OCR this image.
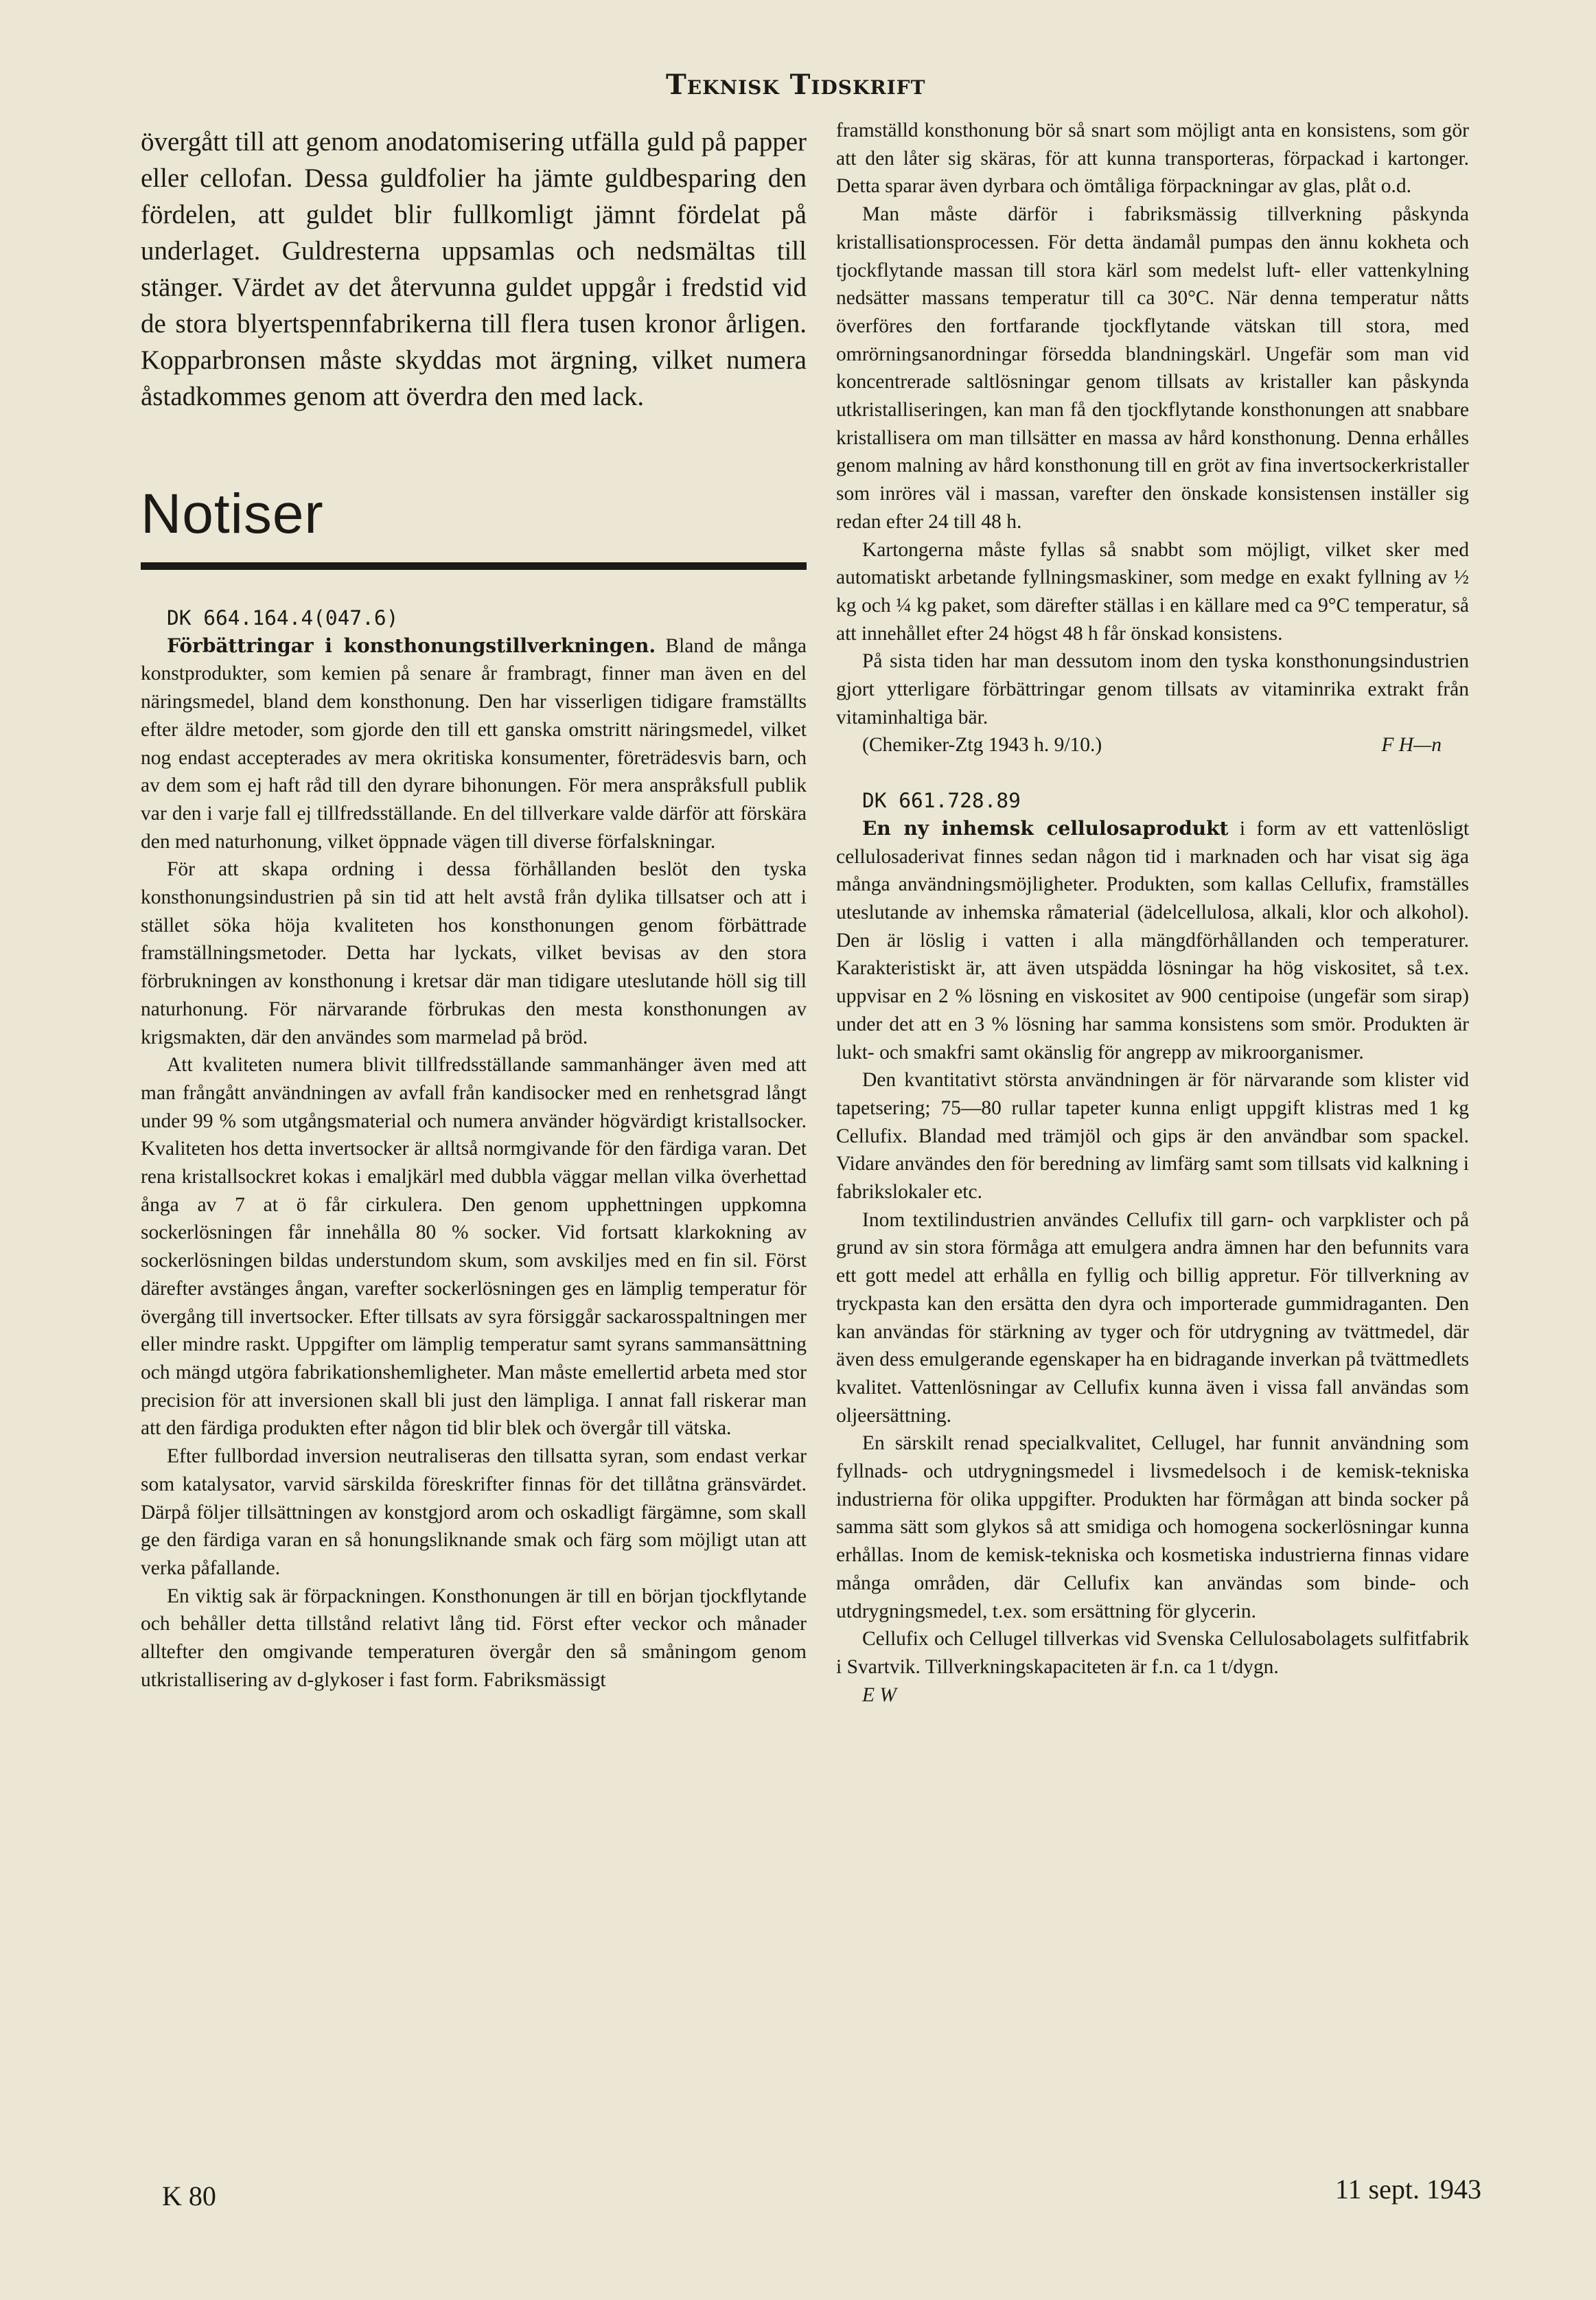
Teknisk Tidskrift

övergått till att genom anodatomisering utfälla guld på papper eller cellofan. Dessa guldfolier ha jämte guldbesparing den fördelen, att guldet blir fullkomligt jämnt fördelat på underlaget. Guldresterna uppsamlas och nedsmältas till stänger. Värdet av det återvunna guldet uppgår i fredstid vid de stora blyertspennfabrikerna till flera tusen kronor årligen. Kopparbronsen måste skyddas mot ärgning, vilket numera åstadkommes genom att överdra den med lack.

Notiser

DK 664.164.4(047.6)

Förbättringar i konsthonungstillverkningen. Bland de många konstprodukter, som kemien på senare år frambragt, finner man även en del näringsmedel, bland dem konsthonung. Den har visserligen tidigare framställts efter äldre metoder, som gjorde den till ett ganska omstritt näringsmedel, vilket nog endast accepterades av mera okritiska konsumenter, företrädesvis barn, och av dem som ej haft råd till den dyrare bihonungen. För mera anspråksfull publik var den i varje fall ej tillfredsställande. En del tillverkare valde därför att förskära den med naturhonung, vilket öppnade vägen till diverse förfalskningar.

För att skapa ordning i dessa förhållanden beslöt den tyska konsthonungsindustrien på sin tid att helt avstå från dylika tillsatser och att i stället söka höja kvaliteten hos konsthonungen genom förbättrade framställningsmetoder. Detta har lyckats, vilket bevisas av den stora förbrukningen av konsthonung i kretsar där man tidigare uteslutande höll sig till naturhonung. För närvarande förbrukas den mesta konsthonungen av krigsmakten, där den användes som marmelad på bröd.

Att kvaliteten numera blivit tillfredsställande sammanhänger även med att man frångått användningen av avfall från kandisocker med en renhetsgrad långt under 99 % som utgångsmaterial och numera använder högvärdigt kristallsocker. Kvaliteten hos detta invertsocker är alltså normgivande för den färdiga varan. Det rena kristallsockret kokas i emaljkärl med dubbla väggar mellan vilka överhettad ånga av 7 at ö får cirkulera. Den genom upphettningen uppkomna sockerlösningen får innehålla 80 % socker. Vid fortsatt klarkokning av sockerlösningen bildas understundom skum, som avskiljes med en fin sil. Först därefter avstänges ångan, varefter sockerlösningen ges en lämplig temperatur för övergång till invertsocker. Efter tillsats av syra försiggår sackarosspaltningen mer eller mindre raskt. Uppgifter om lämplig temperatur samt syrans sammansättning och mängd utgöra fabrikationshemligheter. Man måste emellertid arbeta med stor precision för att inversionen skall bli just den lämpliga. I annat fall riskerar man att den färdiga produkten efter någon tid blir blek och övergår till vätska.

Efter fullbordad inversion neutraliseras den tillsatta syran, som endast verkar som katalysator, varvid särskilda föreskrifter finnas för det tillåtna gränsvärdet. Därpå följer tillsättningen av konstgjord arom och oskadligt färgämne, som skall ge den färdiga varan en så honungsliknande smak och färg som möjligt utan att verka påfallande.

En viktig sak är förpackningen. Konsthonungen är till en början tjockflytande och behåller detta tillstånd relativt lång tid. Först efter veckor och månader alltefter den omgivande temperaturen övergår den så småningom genom utkristallisering av d-glykoser i fast form. Fabriksmässigt

framställd konsthonung bör så snart som möjligt anta en konsistens, som gör att den låter sig skäras, för att kunna transporteras, förpackad i kartonger. Detta sparar även dyrbara och ömtåliga förpackningar av glas, plåt o.d.

Man måste därför i fabriksmässig tillverkning påskynda kristallisationsprocessen. För detta ändamål pumpas den ännu kokheta och tjockflytande massan till stora kärl som medelst luft- eller vattenkylning nedsätter massans temperatur till ca 30°C. När denna temperatur nåtts överföres den fortfarande tjockflytande vätskan till stora, med omrörningsanordningar försedda blandningskärl. Ungefär som man vid koncentrerade saltlösningar genom tillsats av kristaller kan påskynda utkristalliseringen, kan man få den tjockflytande konsthonungen att snabbare kristallisera om man tillsätter en massa av hård konsthonung. Denna erhålles genom malning av hård konsthonung till en gröt av fina invertsockerkristaller som inröres väl i massan, varefter den önskade konsistensen inställer sig redan efter 24 till 48 h.

Kartongerna måste fyllas så snabbt som möjligt, vilket sker med automatiskt arbetande fyllningsmaskiner, som medge en exakt fyllning av ½ kg och ¼ kg paket, som därefter ställas i en källare med ca 9°C temperatur, så att innehållet efter 24 högst 48 h får önskad konsistens.

På sista tiden har man dessutom inom den tyska konsthonungsindustrien gjort ytterligare förbättringar genom tillsats av vitaminrika extrakt från vitaminhaltiga bär.

(Chemiker-Ztg 1943 h. 9/10.)	F H—n

DK 661.728.89

En ny inhemsk cellulosaprodukt i form av ett vattenlösligt cellulosaderivat finnes sedan någon tid i marknaden och har visat sig äga många användningsmöjligheter. Produkten, som kallas Cellufix, framställes uteslutande av inhemska råmaterial (ädelcellulosa, alkali, klor och alkohol). Den är löslig i vatten i alla mängdförhållanden och temperaturer. Karakteristiskt är, att även utspädda lösningar ha hög viskositet, så t.ex. uppvisar en 2 % lösning en viskositet av 900 centipoise (ungefär som sirap) under det att en 3 % lösning har samma konsistens som smör. Produkten är lukt- och smakfri samt okänslig för angrepp av mikroorganismer.

Den kvantitativt största användningen är för närvarande som klister vid tapetsering; 75—80 rullar tapeter kunna enligt uppgift klistras med 1 kg Cellufix. Blandad med trämjöl och gips är den användbar som spackel. Vidare användes den för beredning av limfärg samt som tillsats vid kalkning i fabrikslokaler etc.

Inom textilindustrien användes Cellufix till garn- och varpklister och på grund av sin stora förmåga att emulgera andra ämnen har den befunnits vara ett gott medel att erhålla en fyllig och billig appretur. För tillverkning av tryckpasta kan den ersätta den dyra och importerade gummidraganten. Den kan användas för stärkning av tyger och för utdrygning av tvättmedel, där även dess emulgerande egenskaper ha en bidragande inverkan på tvättmedlets kvalitet. Vattenlösningar av Cellufix kunna även i vissa fall användas som oljeersättning.

En särskilt renad specialkvalitet, Cellugel, har funnit användning som fyllnads- och utdrygningsmedel i livsmedelsoch i de kemisk-tekniska industrierna för olika uppgifter. Produkten har förmågan att binda socker på samma sätt som glykos så att smidiga och homogena sockerlösningar kunna erhållas. Inom de kemisk-tekniska och kosmetiska industrierna finnas vidare många områden, där Cellufix kan användas som binde- och utdrygningsmedel, t.ex. som ersättning för glycerin.

Cellufix och Cellugel tillverkas vid Svenska Cellulosabolagets sulfitfabrik i Svartvik. Tillverkningskapaciteten är f.n. ca 1 t/dygn.

E W

K 80	11 sept. 1943
